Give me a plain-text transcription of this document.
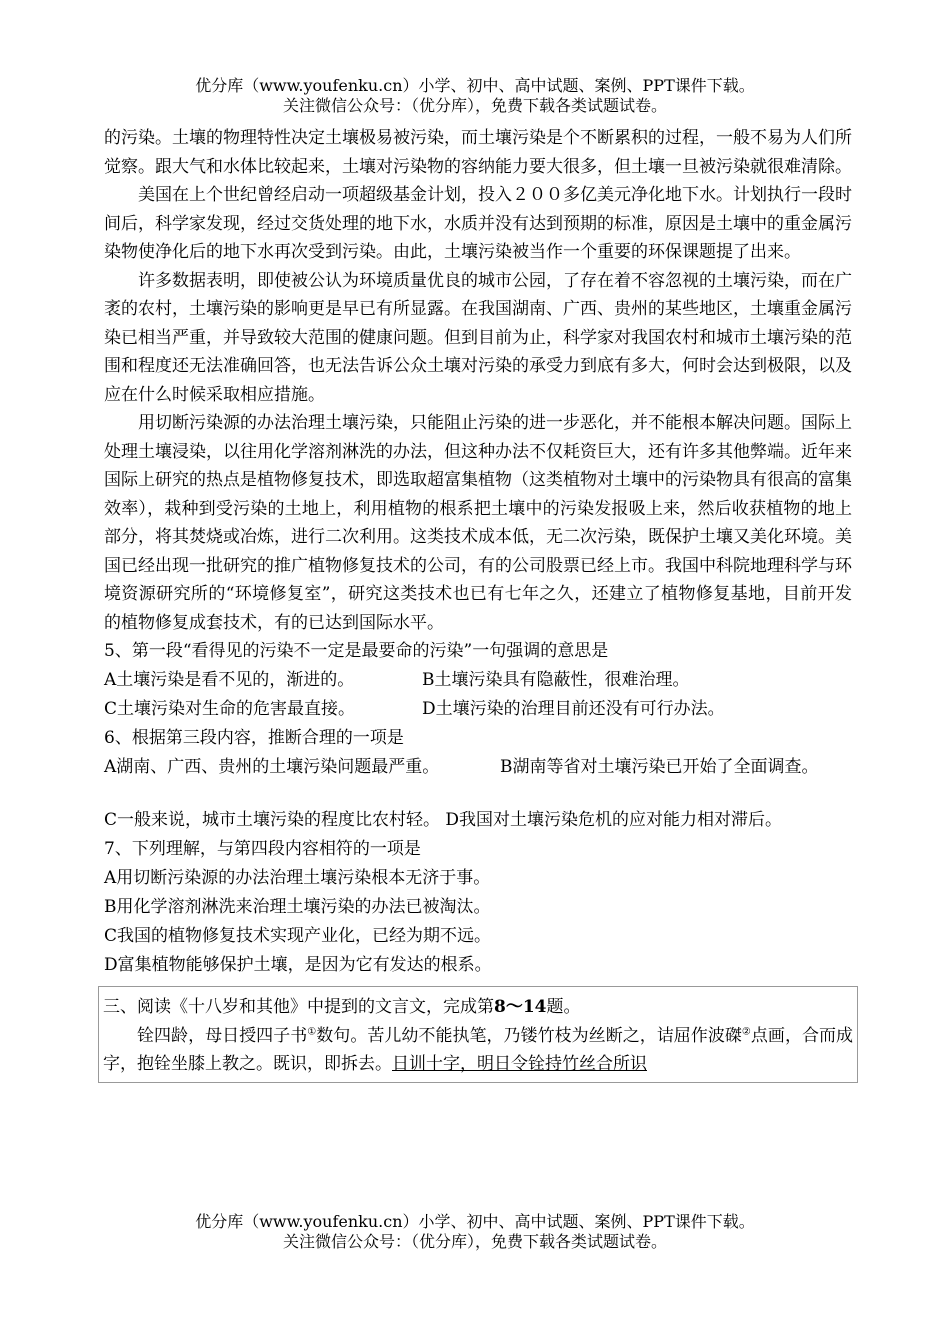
优分库（www.youfenku.cn）小学、初中、高中试题、案例、PPT课件下载。
关注微信公众号：（优分库），免费下载各类试题试卷。

的污染。土壤的物理特性决定土壤极易被污染，而土壤污染是个不断累积的过程，一般不易为人们所觉察。跟大气和水体比较起来，土壤对污染物的容纳能力要大很多，但土壤一旦被污染就很难清除。

美国在上个世纪曾经启动一项超级基金计划，投入２００多亿美元净化地下水。计划执行一段时间后，科学家发现，经过交货处理的地下水，水质并没有达到预期的标准，原因是土壤中的重金属污染物使净化后的地下水再次受到污染。由此，土壤污染被当作一个重要的环保课题提了出来。

许多数据表明，即使被公认为环境质量优良的城市公园，了存在着不容忽视的土壤污染，而在广袤的农村，土壤污染的影响更是早已有所显露。在我国湖南、广西、贵州的某些地区，土壤重金属污染已相当严重，并导致较大范围的健康问题。但到目前为止，科学家对我国农村和城市土壤污染的范围和程度还无法准确回答，也无法告诉公众土壤对污染的承受力到底有多大，何时会达到极限，以及应在什么时候采取相应措施。

用切断污染源的办法治理土壤污染，只能阻止污染的进一步恶化，并不能根本解决问题。国际上处理土壤浸染，以往用化学溶剂淋洗的办法，但这种办法不仅耗资巨大，还有许多其他弊端。近年来国际上研究的热点是植物修复技术，即选取超富集植物（这类植物对土壤中的污染物具有很高的富集效率），栽种到受污染的土地上，利用植物的根系把土壤中的污染发报吸上来，然后收获植物的地上部分，将其焚烧或冶炼，进行二次利用。这类技术成本低，无二次污染，既保护土壤又美化环境。美国已经出现一批研究的推广植物修复技术的公司，有的公司股票已经上市。我国中科院地理科学与环境资源研究所的“环境修复室”，研究这类技术也已有七年之久，还建立了植物修复基地，目前开发的植物修复成套技术，有的已达到国际水平。

5、第一段“看得见的污染不一定是最要命的污染”一句强调的意思是

A土壤污染是看不见的，渐进的。	B土壤污染具有隐蔽性，很难治理。

C土壤污染对生命的危害最直接。	D土壤污染的治理目前还没有可行办法。

6、根据第三段内容，推断合理的一项是

A湖南、广西、贵州的土壤污染问题最严重。	B湖南等省对土壤污染已开始了全面调查。

C一般来说，城市土壤污染的程度比农村轻。 D我国对土壤污染危机的应对能力相对滞后。

7、下列理解，与第四段内容相符的一项是

A用切断污染源的办法治理土壤污染根本无济于事。

B用化学溶剂淋洗来治理土壤污染的办法已被淘汰。

C我国的植物修复技术实现产业化，已经为期不远。

D富集植物能够保护土壤，是因为它有发达的根系。

三、阅读《十八岁和其他》中提到的文言文，完成第8～14题。

铨四龄，母日授四子书①数句。苦儿幼不能执笔，乃镂竹枝为丝断之，诘屈作波磔②点画，合而成字，抱铨坐膝上教之。既识，即拆去。日训十字，明日令铨持竹丝合所识

优分库（www.youfenku.cn）小学、初中、高中试题、案例、PPT课件下载。
关注微信公众号：（优分库），免费下载各类试题试卷。
